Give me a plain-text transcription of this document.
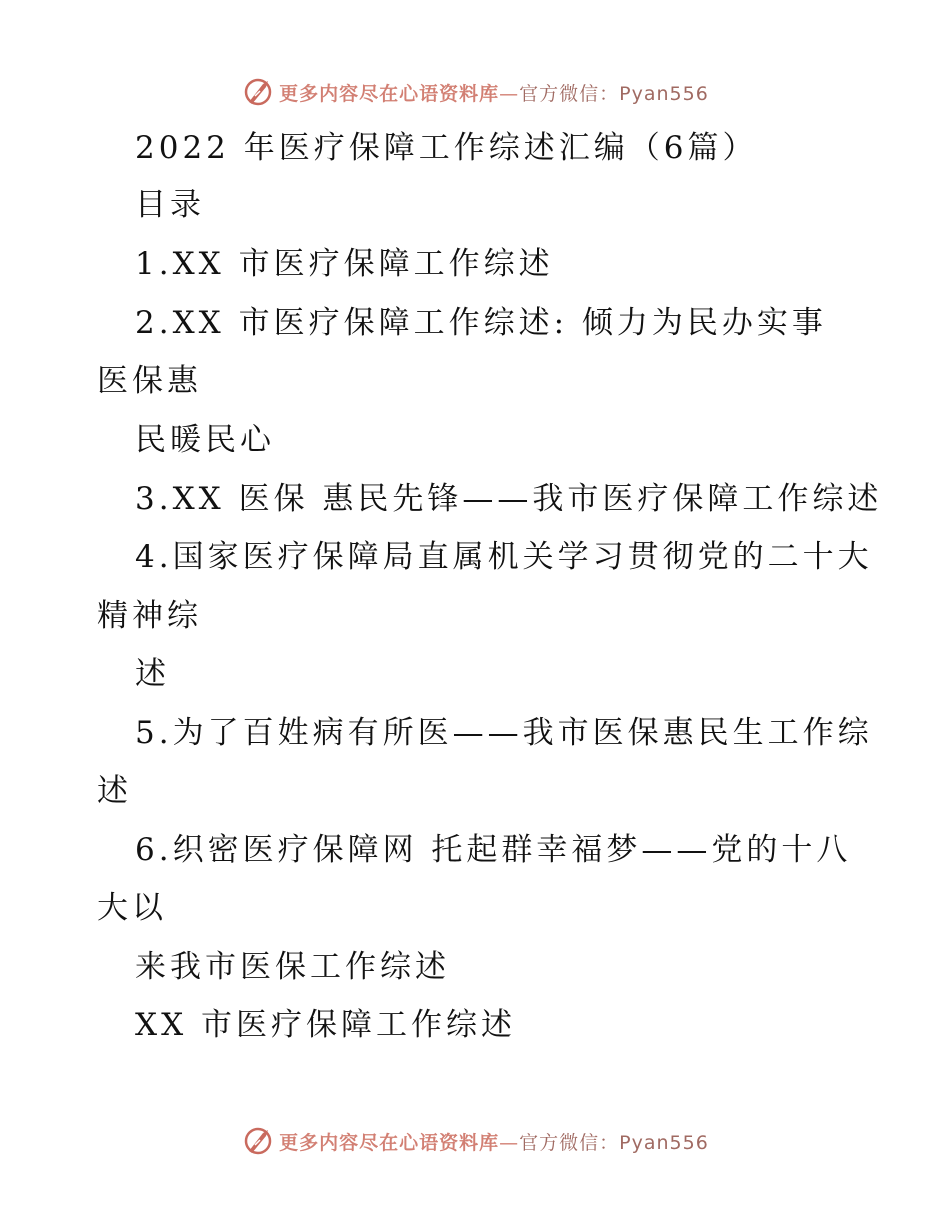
更多内容尽在心语资料库—官方微信：Pyan556
2022 年医疗保障工作综述汇编（6篇）
目录
1.XX 市医疗保障工作综述
2.XX 市医疗保障工作综述: 倾力为民办实事
医保惠
民暖民心
3.XX 医保 惠民先锋——我市医疗保障工作综述
4.国家医疗保障局直属机关学习贯彻党的二十大
精神综
述
5.为了百姓病有所医——我市医保惠民生工作综
述
6.织密医疗保障网 托起群幸福梦——党的十八
大以
来我市医保工作综述
XX 市医疗保障工作综述
更多内容尽在心语资料库—官方微信：Pyan556
